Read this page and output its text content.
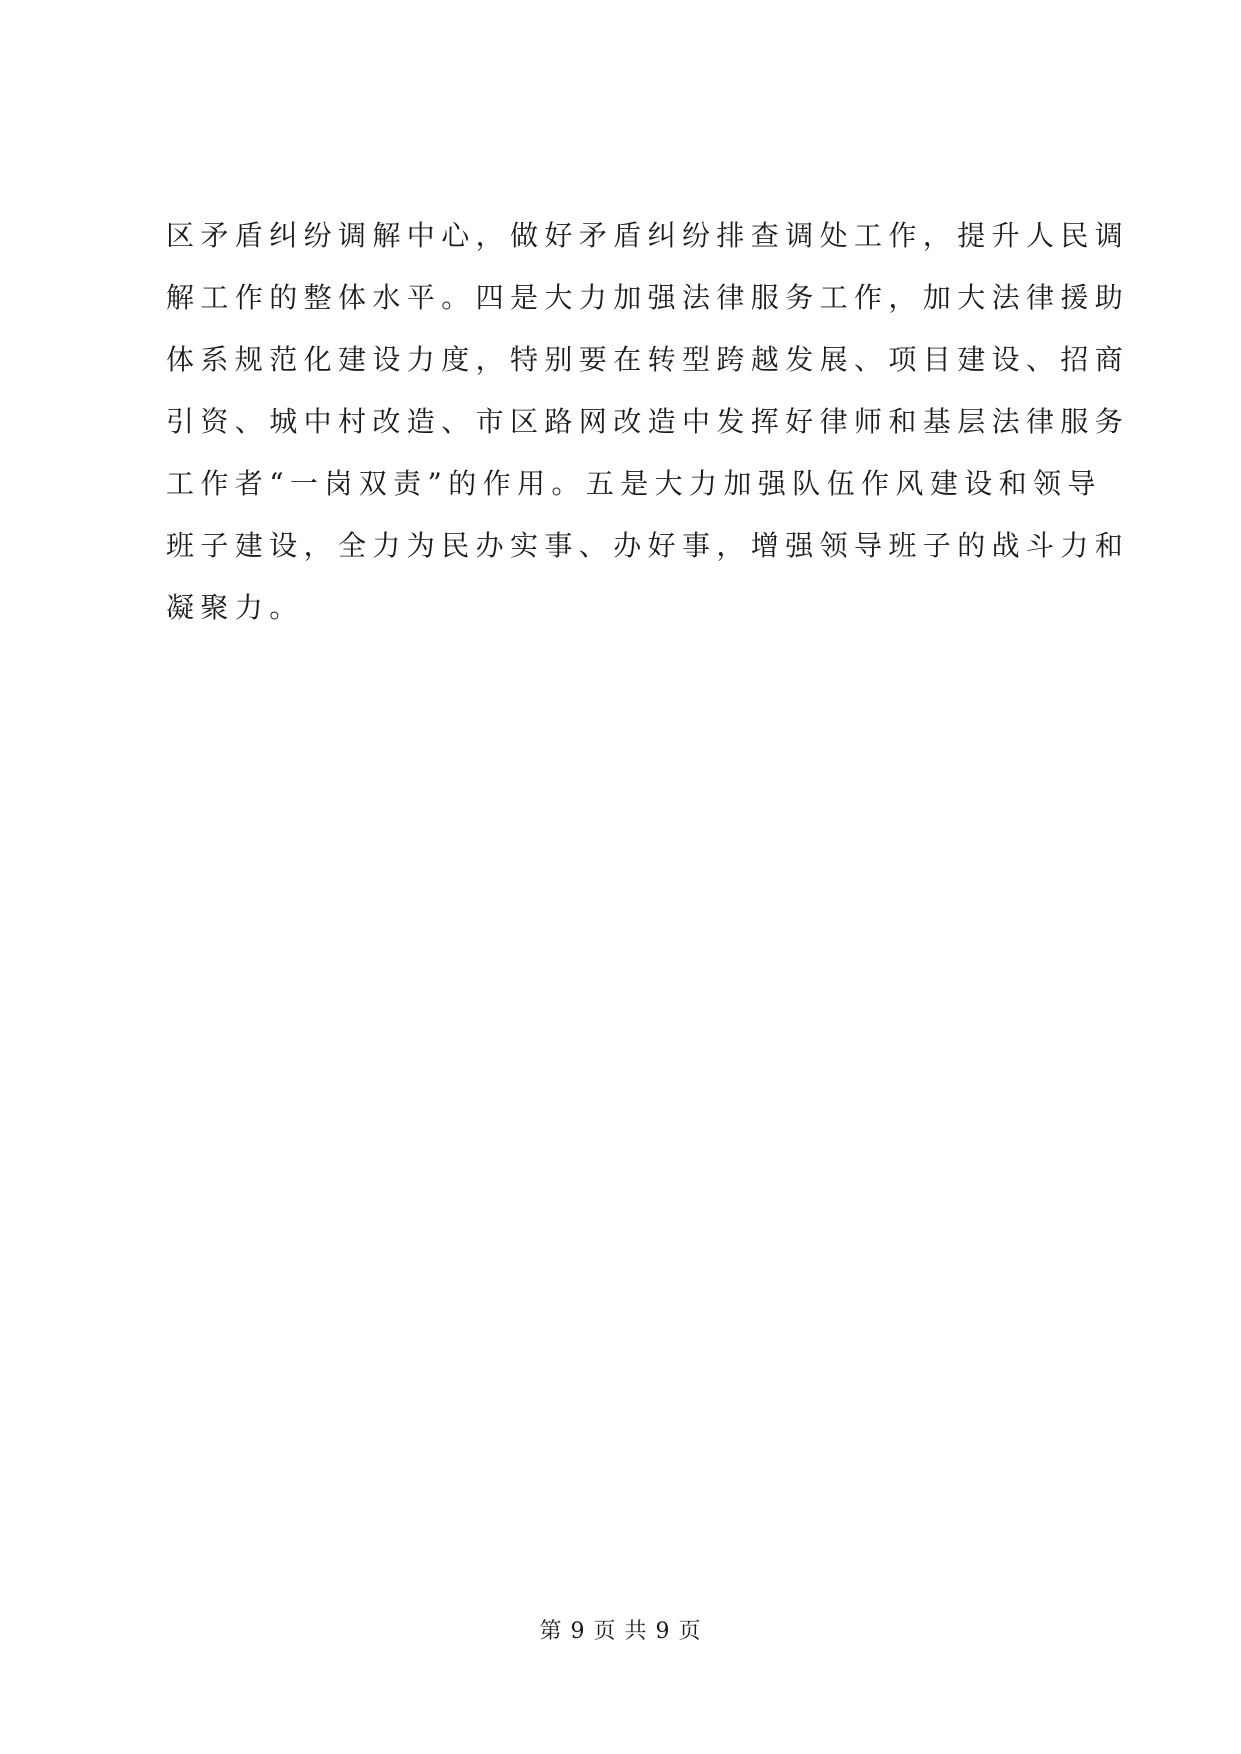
区矛盾纠纷调解中心，做好矛盾纠纷排查调处工作，提升人民调
解工作的整体水平。四是大力加强法律服务工作，加大法律援助
体系规范化建设力度，特别要在转型跨越发展、项目建设、招商
引资、城中村改造、市区路网改造中发挥好律师和基层法律服务
工作者“一岗双责”的作用。五是大力加强队伍作风建设和领导
班子建设，全力为民办实事、办好事，增强领导班子的战斗力和
凝聚力。
第 9 页 共 9 页
